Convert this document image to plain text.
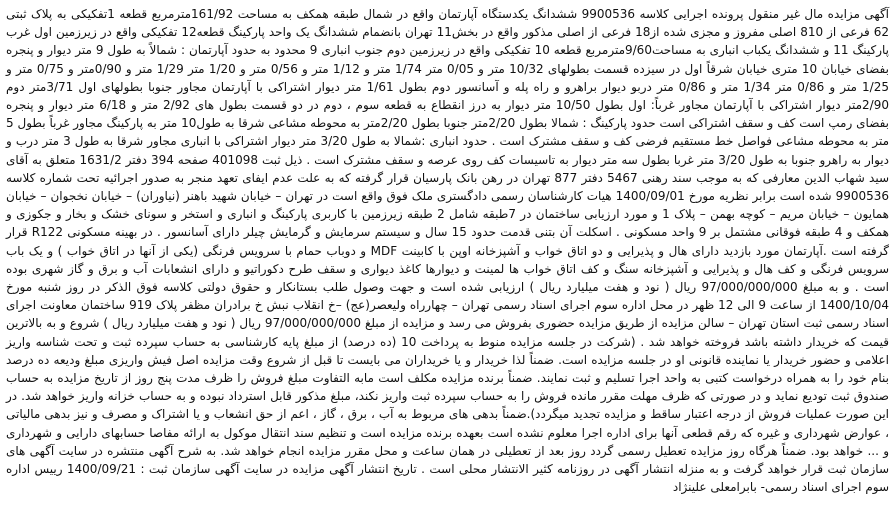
آگهی مزایده مال غیر منقول پرونده اجرایی کلاسه 9900536 ششدانگ یکدستگاه آپارتمان واقع در شمال طبقه همکف به مساحت 161/92مترمربع قطعه 1تفکیکی به پلاک ثبتی 62 فرعی از 810 اصلی مفروز و مجزی شده از18 فرعی از اصلی مذکور واقع در بخش11 تهران بانضمام ششدانگ یک واحد پارکینگ قطعه12 تفکیکی واقع در زیرزمین اول غرب پارکینگ 11 و ششدانگ یکباب انباری به مساحت9/60مترمربع قطعه 10 تفکیکی واقع در زیرزمین دوم جنوب انباری 9 محدود به حدود آپارتمان : شمالاً به طول 9 متر دیوار و پنجره بفضای خیابان 10 متری خیابان شرقاً اول در سیزده قسمت بطولهای 10/32 متر و 0/05 متر 1/74 متر و 1/12 متر و 0/56 متر و 1/20 متر 1/29 متر و 0/90متر و 0/75 متر و 1/25 متر و 0/86 متر 1/34 متر و 0/86 متر دربو دیوار براهرو و راه پله و آسانسور دوم بطول 1/61 متر دیوار اشتراکی با آپارتمان مجاور جنوبا بطولهای اول 3/71متر دوم 2/90متر دیوار اشتراکی با آپارتمان مجاور غرباً: اول بطول 10/50 متر دیوار به درز انقطاع به قطعه سوم ، دوم در دو قسمت بطول های 2/92 متر و 6/18 متر دیوار و پنجره بفضای رمپ است کف و سقف اشتراکی است حدود پارکینگ : شمالا بطول 2/20متر جنوبا بطول 2/20متر به محوطه مشاعی شرقا به طول10 متر به پارکینگ مجاور غرباً بطول 5 متر به محوطه مشاعی فواصل خط مستقیم فرضی کف و سقف مشترک است . حدود انباری :شمالا به طول 3/20 متر دیوار اشتراکی با انباری مجاور شرقا به طول 3 متر درب و دیوار به راهرو جنوبا به طول 3/20 متر غربا بطول سه متر دیوار به تاسیسات کف روی عرصه و سقف مشترک است . ذیل ثبت 401098 صفحه 394 دفتر 1631/2 متعلق به آقای سید شهاب الدین معارفی که به موجب سند رهنی 5467 دفتر 877 تهران در رهن بانک پارسیان قرار گرفته که به علت عدم ایفای تعهد منجر به صدور اجرائیه تحت شماره کلاسه 9900536 شده است برابر نظریه مورخ 1400/09/01 هیات کارشناسان رسمی دادگستری ملک فوق واقع است در تهران – خیابان شهید باهنر (نیاوران) – خیابان نخجوان – خیابان همایون – خیابان مریم – کوچه بهمن – پلاک 1 و مورد ارزیابی ساختمان در 7طبقه شامل 2 طبقه زیرزمین با کاربری پارکینگ و انباری و استخر و سونای خشک و بخار و جکوزی و همکف و 4 طبقه فوقانی مشتمل بر 9 واحد مسکونی . اسکلت آن بتنی قدمت حدود 15 سال و سیستم سرمایش و گرمایش چیلر دارای آسانسور . در بهینه مسکونی R122 قرار گرفته است .آپارتمان مورد بازدید دارای هال و پذیرایی و دو اتاق خواب و آشپزخانه اوپن با کابینت MDF و دوباب حمام با سرویس فرنگی (یکی از آنها در اتاق خواب ) و یک باب سرویس فرنگی و کف هال و پذیرایی و آشپزخانه سنگ و کف اتاق خواب ها لمینت و دیوارها کاغذ دیواری و سقف طرح دکوراتیو و دارای انشعابات آب و برق و گاز شهری بوده است . و به مبلغ 97/000/000/000 ریال ( نود و هفت میلیارد ریال ) ارزیابی شده است و جهت وصول طلب بستانکار و حقوق دولتی کلاسه فوق الذکر در روز شنبه مورخ 1400/10/04 از ساعت 9 الی 12 ظهر در محل اداره سوم اجرای اسناد رسمی تهران – چهارراه ولیعصر(عج) –خ انقلاب نبش خ برادران مظفر پلاک 919 ساختمان معاونت اجرای اسناد رسمی ثبت استان تهران – سالن مزایده از طریق مزایده حضوری بفروش می رسد و مزایده از مبلغ 97/000/000/000 ریال ( نود و هفت میلیارد ریال ) شروع و به بالاترین قیمت که خریدار داشته باشد فروخته خواهد شد . (شرکت در جلسه مزایده منوط به پرداخت 10 (ده درصد) از مبلغ پایه کارشناسی به حساب سپرده ثبت و تحت شناسه واریز اعلامی و حضور خریدار یا نماینده قانونی او در جلسه مزایده است. ضمناً لذا خریدار و یا خریداران می بایست تا قبل از شروع وقت مزایده اصل فیش واریزی مبلغ ودیعه ده درصد بنام خود را به همراه درخواست کتبی به واحد اجرا تسلیم و ثبت نمایند. ضمناً برنده مزایده مکلف است مابه التفاوت مبلغ فروش را ظرف مدت پنج روز از تاریخ مزایده به حساب صندوق ثبت تودیع نماید و در صورتی که ظرف مهلت مقرر مانده فروش را به حساب سپرده ثبت واریز نکند، مبلغ مذکور قابل استرداد نبوده و به حساب خزانه واریز خواهد شد. در این صورت عملیات فروش از درجه اعتبار ساقط و مزایده تجدید میگردد).ضمناً بدهی های مربوط به آب ، برق ، گاز ، اعم از حق انشعاب و یا اشتراک و مصرف و نیز بدهی مالیاتی ، عوارض شهرداری و غیره که رقم قطعی آنها برای اداره اجرا معلوم نشده است بعهده برنده مزایده است و تنظیم سند انتقال موکول به ارائه مفاصا حسابهای دارایی و شهرداری و ... خواهد بود. ضمناً هرگاه روز مزایده تعطیل رسمی گردد روز بعد از تعطیلی در همان ساعت و محل مقرر مزایده انجام خواهد شد. به شرح آگهی منتشره در سایت آگهی های سازمان ثبت قرار خواهد گرفت و به منزله انتشار آگهی در روزنامه کثیر الانتشار محلی است . تاریخ انتشار آگهی مزایده در سایت آگهی سازمان ثبت : 1400/09/21 رییس اداره سوم اجرای اسناد رسمی- بابرامعلی علینژاد
